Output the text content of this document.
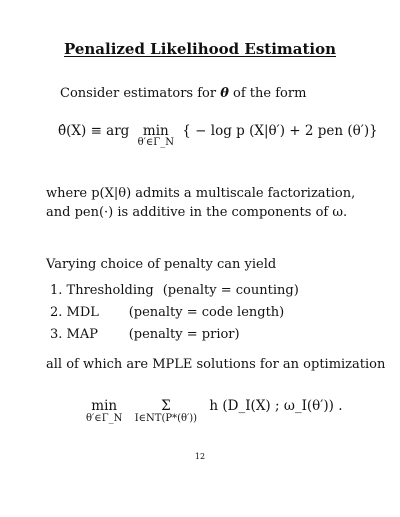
Penalized Likelihood Estimation
Consider estimators for θ of the form
θ̂(X) ≡ arg min
θ′∈Γ_N
{ − log p (X|θ′) + 2 pen (θ′)}
where p(X|θ) admits a multiscale factorization, and pen(·) is additive in the components of ω.
Varying choice of penalty can yield
1. Thresholding (penalty = counting)
2. MDL (penalty = code length)
3. MAP (penalty = prior)
all of which are MPLE solutions for an optimization
min
θ′∈Γ_N
Σ
I∈NT(P*(θ′))
h (D_I(X) ; ω_I(θ′)) .
12
